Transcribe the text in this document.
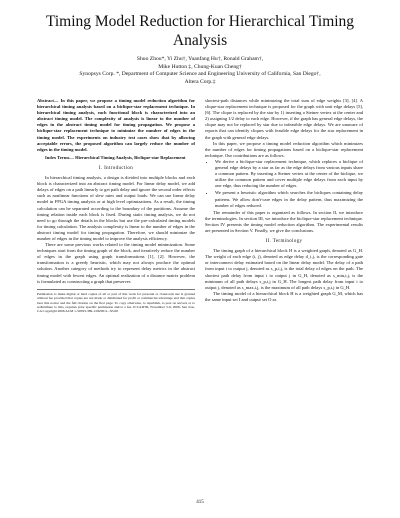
Timing Model Reduction for Hierarchical Timing Analysis
Shuo Zhou*, Yi Zhu†, Yuanfang Hu†, Ronald Graham†,
Mike Hutton ‡, Chung-Kuan Cheng†
Synopsys Corp. *, Department of Computer Science and Engineering University of California, San Diego†,
Altera Corp.‡

Abstract— In this paper, we propose a timing model reduction algorithm for hierarchical timing analysis based on a biclique-star replacement technique. In hierarchical timing analysis, each functional block is characterized into an abstract timing model. The complexity of analysis is linear to the number of edges in the abstract timing model for timing propagation. We propose a biclique-star replacement technique to minimize the number of edges in the timing model. The experiments on industry test cases show that by allowing acceptable errors, the proposed algorithm can largely reduce the number of edges in the timing model.

Index Terms— Hierarchical Timing Analysis, Biclique-star Replacement

I. Introduction

In hierarchical timing analysis, a design is divided into multiple blocks and each block is characterized into an abstract timing model. For linear delay model, we add delays of edges on a path linearly to get path delay and ignore the second order effects such as nonlinear functions of slew rates and output loads. We can use linear delay model in FPGA timing analysis or at high level optimizations. As a result, the timing calculation can be separated according to the boundary of the partitions. Assume the timing relation inside each block is fixed. During static timing analysis, we do not need to go through the details in the blocks but use the pre-calculated timing models for timing calculation. The analysis complexity is linear to the number of edges in the abstract timing model for timing propagation. Therefore, we should minimize the number of edges in the timing model to improve the analysis efficiency.

There are some previous works related to the timing model minimization. Some techniques start from the timing graph of the block, and iteratively reduce the number of edges in the graph using graph transformations [1], [2]. However, the transformation is a greedy heuristic, which may not always produce the optimal solution. Another category of methods try to represent delay metrics in the abstract timing model with fewest edges. An optimal realization of a distance matrix problem is formulated as constructing a graph that preserves

Permission to make digital or hard copies of all or part of this work for personal or classroom use is granted without fee provided that copies are not made or distributed for profit or commercial advantage and that copies bear this notice and the full citation on the first page. To copy otherwise, to republish, to post on servers or to redistribute to lists, requires prior specific permission and/or a fee. ICCAD'06, November 5-9, 2006, San Jose, CA Copyright 2006 ACM 1-59593-389-1/06/0011...$5.00

shortest-path distances while minimizing the total sum of edge weights [3], [4]. A clique-star replacement technique is proposed for the graph with unit edge delays [5], [6]. The clique is replaced by the star by 1) inserting a Steiner vertex at the center and 2) assigning 1/2 delay to each edge. However, if the graph has general edge delays, the clique may not be replaced by star due to infeasible edge delays. We are unaware of reports that can identify cliques with feasible edge delays for the star replacement in the graph with general edge delays.

In this paper, we propose a timing model reduction algorithm which minimizes the number of edges for timing propagations based on a biclique-star replacement technique. Our contributions are as follows.

• We derive a biclique-star replacement technique, which replaces a biclique of general edge delays by a star as far as the edge delays from various inputs share a common pattern. By inserting a Steiner vertex at the center of the biclique, we utilize the common pattern and cover multiple edge delays from each input by one edge, thus reducing the number of edges.
• We present a heuristic algorithm which searches the bicliques containing delay patterns. We allow don't-care edges in the delay pattern, thus maximizing the number of edges reduced.

The remainder of this paper is organized as follows. In section II, we introduce the terminologies. In section III, we introduce the biclique-star replacement technique. Section IV presents the timing model reduction algorithm. The experimental results are presented in Section V. Finally, we give the conclusions.

II. Terminology

The timing graph of a hierarchical block H is a weighted graph, denoted as G_H. The weight of each edge (i, j), denoted as edge delay d_i,j, is the corresponding gate or interconnect delay estimated based on the linear delay model. The delay of a path from input i to output j, denoted as s_p,i,j, is the total delay of edges on the path. The shortest path delay from input i to output j in G_H, denoted as s_min,i,j, is the minimum of all path delays s_p,i,j in G_H. The longest path delay from input i to output j, denoted as s_max,i,j, is the maximum of all path delays s_p,i,j in G_H.

The timing model of a hierarchical block H is a weighted graph G_M, which has the same input set I and output set O as

415
